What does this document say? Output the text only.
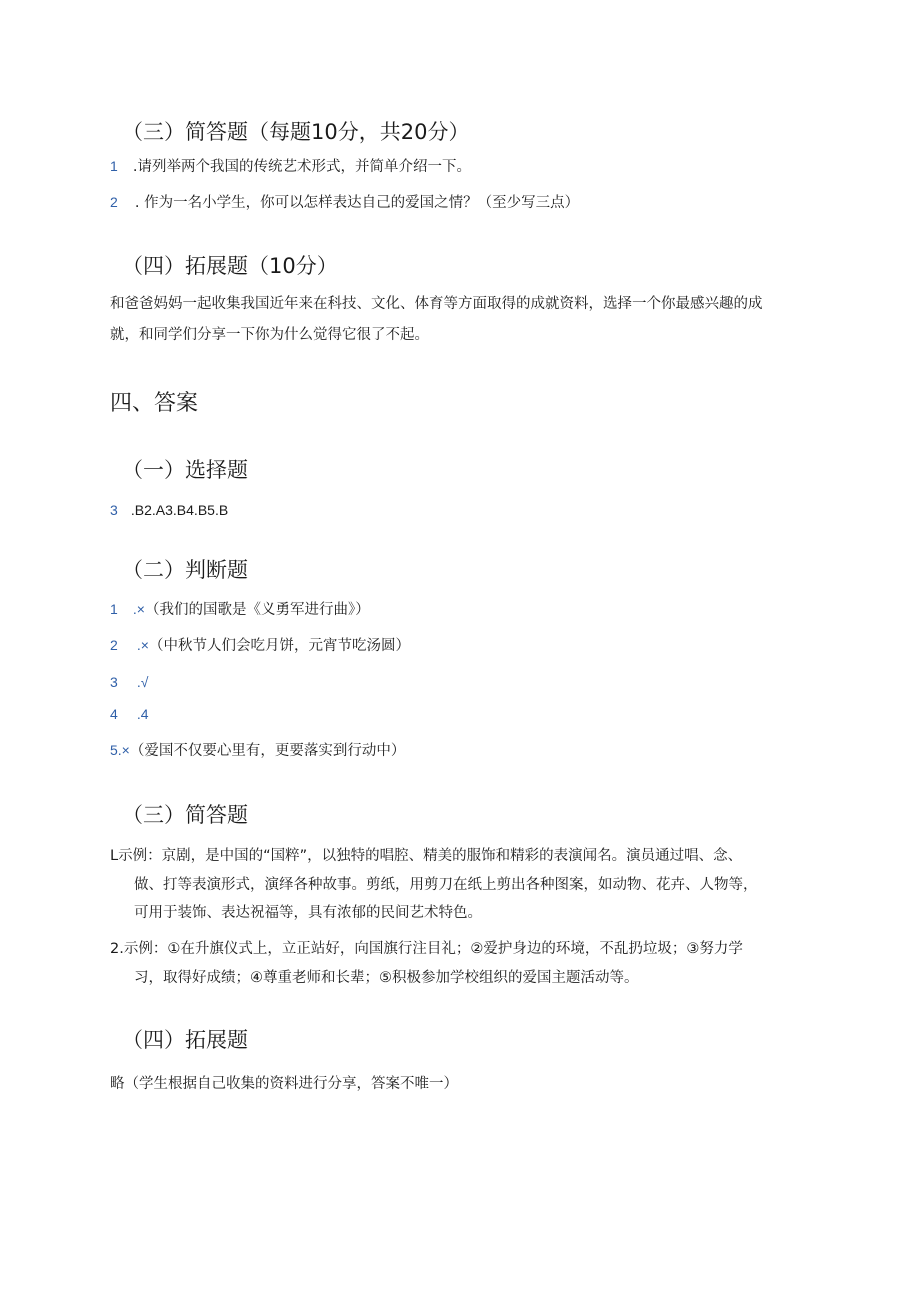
（三）简答题（每题10分，共20分）
1 .请列举两个我国的传统艺术形式，并简单介绍一下。
2 . 作为一名小学生，你可以怎样表达自己的爱国之情？（至少写三点）
（四）拓展题（10分）
和爸爸妈妈一起收集我国近年来在科技、文化、体育等方面取得的成就资料，选择一个你最感兴趣的成
就，和同学们分享一下你为什么觉得它很了不起。
四、答案
（一）选择题
3 .B2.A3.B4.B5.B
（二）判断题
1 .×（我们的国歌是《义勇军进行曲》）
2 .×（中秋节人们会吃月饼，元宵节吃汤圆）
3 .√
4 .4
5.×（爱国不仅要心里有，更要落实到行动中）
（三）简答题
L示例：京剧，是中国的“国粹”，以独特的唱腔、精美的服饰和精彩的表演闻名。演员通过唱、念、
做、打等表演形式，演绎各种故事。剪纸，用剪刀在纸上剪出各种图案，如动物、花卉、人物等，
可用于装饰、表达祝福等，具有浓郁的民间艺术特色。
2.示例：①在升旗仪式上，立正站好，向国旗行注目礼；②爱护身边的环境，不乱扔垃圾；③努力学
习，取得好成绩；④尊重老师和长辈；⑤积极参加学校组织的爱国主题活动等。
（四）拓展题
略（学生根据自己收集的资料进行分享，答案不唯一）
